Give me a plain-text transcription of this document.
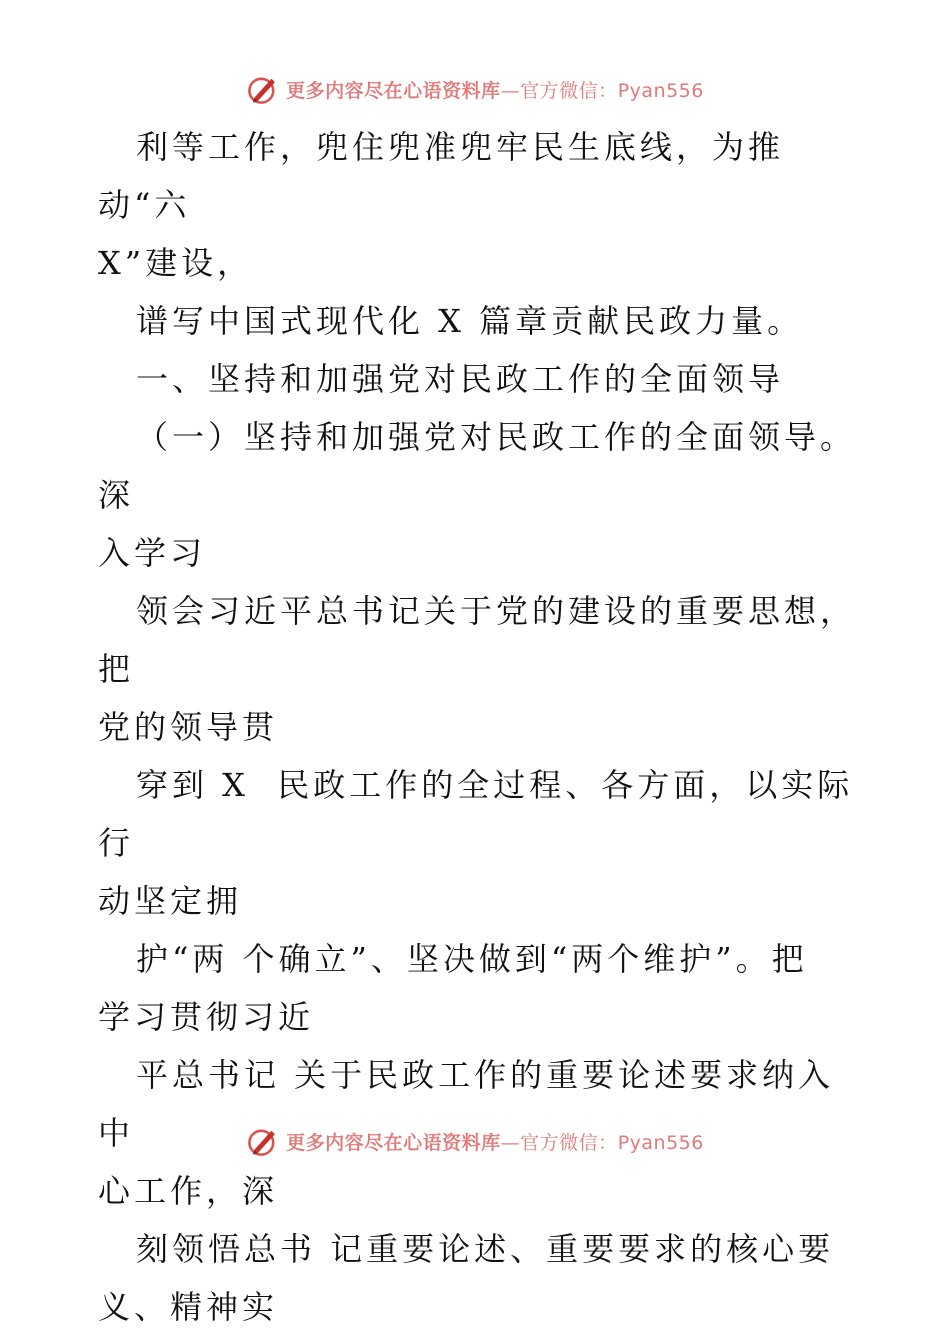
更多内容尽在心语资料库—官方微信：Pyan556

利等工作，兜住兜准兜牢民生底线，为推动“六
X”建设，

谱写中国式现代化 X 篇章贡献民政力量。

一、坚持和加强党对民政工作的全面领导

（一）坚持和加强党对民政工作的全面领导。深
入学习

领会习近平总书记关于党的建设的重要思想，把
党的领导贯

穿到 X  民政工作的全过程、各方面，以实际行
动坚定拥

护“两 个确立”、坚决做到“两个维护”。把
学习贯彻习近

平总书记 关于民政工作的重要论述要求纳入中
心工作，深

刻领悟总书 记重要论述、重要要求的核心要
义、精神实

更多内容尽在心语资料库—官方微信：Pyan556
